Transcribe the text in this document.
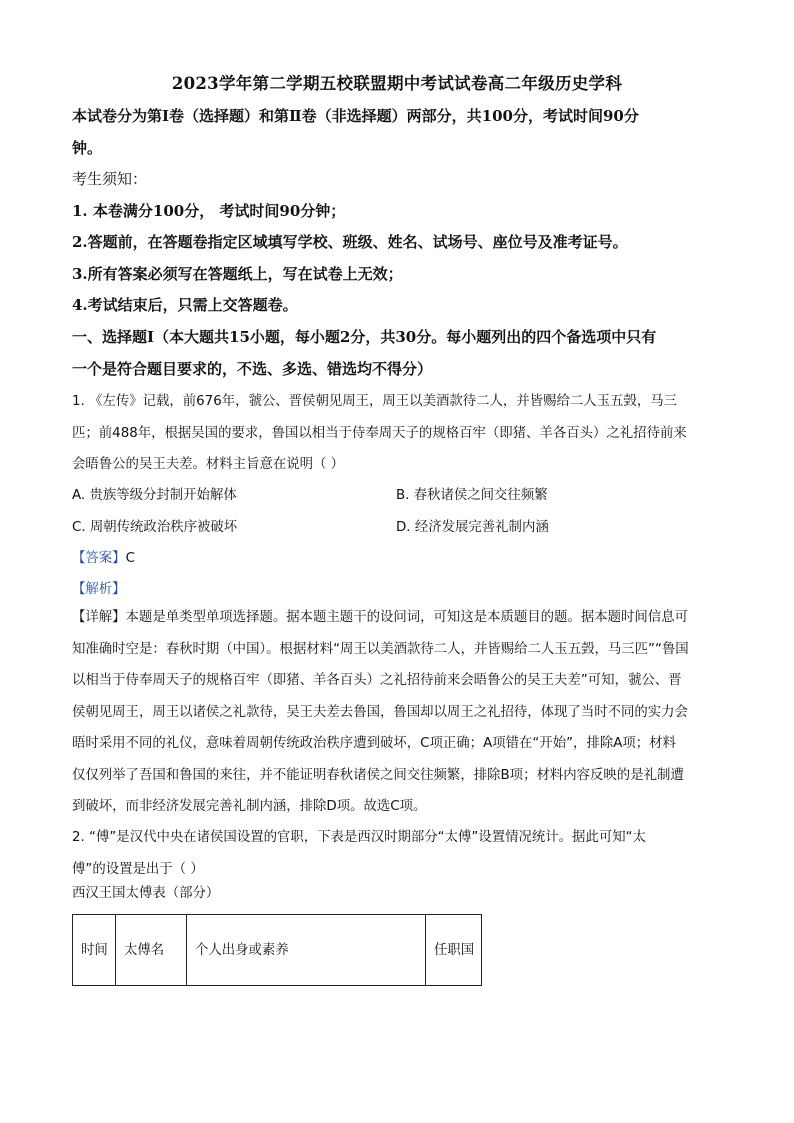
2023学年第二学期五校联盟期中考试试卷高二年级历史学科
本试卷分为第Ⅰ卷（选择题）和第Ⅱ卷（非选择题）两部分，共100分，考试时间90分
钟。
考生须知：
1. 本卷满分100分， 考试时间90分钟；
2.答题前，在答题卷指定区域填写学校、班级、姓名、试场号、座位号及准考证号。
3.所有答案必须写在答题纸上，写在试卷上无效；
4.考试结束后，只需上交答题卷。
一、选择题Ⅰ（本大题共15小题，每小题2分，共30分。每小题列出的四个备选项中只有
一个是符合题目要求的，不选、多选、错选均不得分）
1. 《左传》记载，前676年，虢公、晋侯朝见周王，周王以美酒款待二人，并皆赐给二人玉五瑴，马三
匹；前488年，根据吴国的要求，鲁国以相当于侍奉周天子的规格百牢（即猪、羊各百头）之礼招待前来
会晤鲁公的吴王夫差。材料主旨意在说明（ ）
A. 贵族等级分封制开始解体	B. 春秋诸侯之间交往频繁
C. 周朝传统政治秩序被破坏	D. 经济发展完善礼制内涵
【答案】C
【解析】
【详解】本题是单类型单项选择题。据本题主题干的设问词，可知这是本质题目的题。据本题时间信息可
知准确时空是：春秋时期（中国）。根据材料“周王以美酒款待二人，并皆赐给二人玉五瑴，马三匹”“鲁国
以相当于侍奉周天子的规格百牢（即猪、羊各百头）之礼招待前来会晤鲁公的吴王夫差”可知，虢公、晋
侯朝见周王，周王以诸侯之礼款待，吴王夫差去鲁国，鲁国却以周王之礼招待，体现了当时不同的实力会
晤时采用不同的礼仪，意味着周朝传统政治秩序遭到破坏，C项正确；A项错在“开始”，排除A项；材料
仅仅列举了吾国和鲁国的来往，并不能证明春秋诸侯之间交往频繁，排除B项；材料内容反映的是礼制遭
到破坏，而非经济发展完善礼制内涵，排除D项。故选C项。
2. “傅”是汉代中央在诸侯国设置的官职，下表是西汉时期部分“太傅”设置情况统计。据此可知“太
傅”的设置是出于（ ）
西汉王国太傅表（部分）
时间	太傅名	个人出身或素养	任职国
